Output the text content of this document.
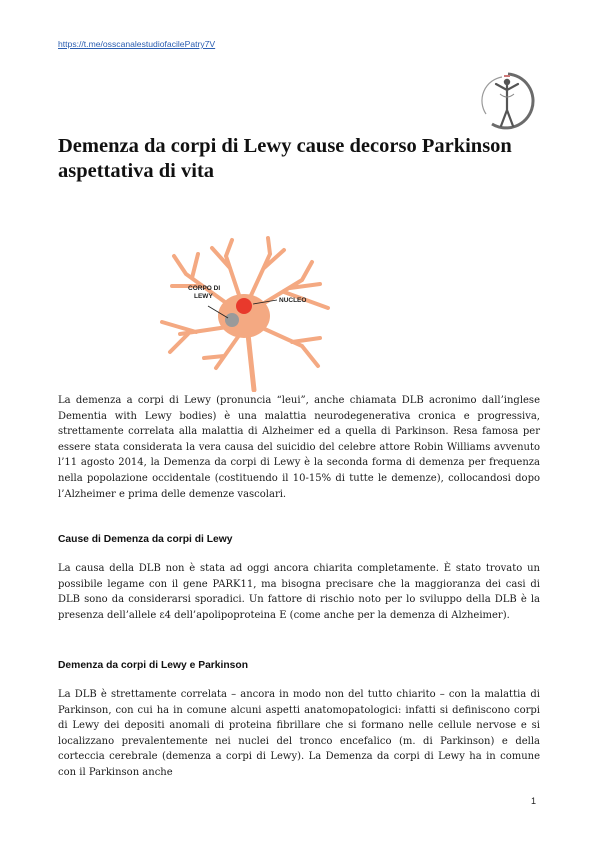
https://t.me/osscanalestudiofacilePatry7V
Demenza da corpi di Lewy cause decorso Parkinson aspettativa di vita
CORPO DI LEWY
NUCLEO

La demenza a corpi di Lewy (pronuncia “leui”, anche chiamata DLB acronimo dall’inglese Dementia with Lewy bodies) è una malattia neurodegenerativa cronica e progressiva, strettamente correlata alla malattia di Alzheimer ed a quella di Parkinson. Resa famosa per essere stata considerata la vera causa del suicidio del celebre attore Robin Williams avvenuto l’11 agosto 2014, la Demenza da corpi di Lewy è la seconda forma di demenza per frequenza nella popolazione occidentale (costituendo il 10-15% di tutte le demenze), collocandosi dopo l’Alzheimer e prima delle demenze vascolari.

Cause di Demenza da corpi di Lewy

La causa della DLB non è stata ad oggi ancora chiarita completamente. È stato trovato un possibile legame con il gene PARK11, ma bisogna precisare che la maggioranza dei casi di DLB sono da considerarsi sporadici. Un fattore di rischio noto per lo sviluppo della DLB è la presenza dell’allele ε4 dell’apolipoproteina E (come anche per la demenza di Alzheimer).

Demenza da corpi di Lewy e Parkinson

La DLB è strettamente correlata – ancora in modo non del tutto chiarito – con la malattia di Parkinson, con cui ha in comune alcuni aspetti anatomopatologici: infatti si definiscono corpi di Lewy dei depositi anomali di proteina fibrillare che si formano nelle cellule nervose e si localizzano prevalentemente nei nuclei del tronco encefalico (m. di Parkinson) e della corteccia cerebrale (demenza a corpi di Lewy). La Demenza da corpi di Lewy ha in comune con il Parkinson anche

1
